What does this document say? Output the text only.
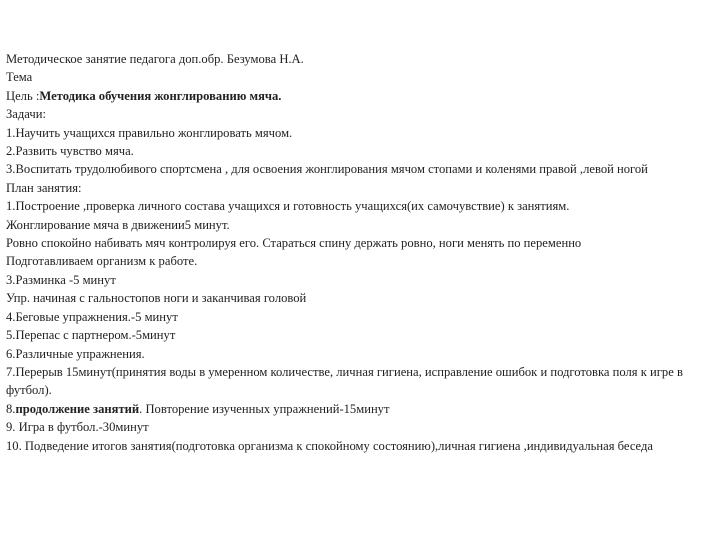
Методическое занятие педагога доп.обр. Безумова Н.А.

Тема

Цель :Методика обучения жонглированию мяча.

Задачи:

1.Научить учащихся правильно жонглировать мячом.

2.Развить чувство мяча.

3.Воспитать трудолюбивого спортсмена , для освоения жонглирования мячом стопами и коленями правой ,левой ногой

План занятия:

1.Построение ,проверка личного состава учащихся и готовность учащихся(их самочувствие) к занятиям.

Жонглирование мяча в движении5 минут.

Ровно спокойно набивать мяч контролируя его. Стараться спину держать ровно, ноги менять по переменно

Подготавливаем организм к работе.

3.Разминка -5 минут

Упр. начиная с гальностопов ноги и заканчивая головой

4.Беговые упражнения.-5 минут

5.Перепас с партнером.-5минут

6.Различные упражнения.

7.Перерыв 15минут(принятия воды в умеренном количестве, личная гигиена, исправление ошибок и подготовка поля к игре в футбол).

8.продолжение занятий. Повторение изученных упражнений-15минут

9. Игра в футбол.-30минут

10. Подведение итогов занятия(подготовка организма к спокойному состоянию),личная гигиена ,индивидуальная беседа
